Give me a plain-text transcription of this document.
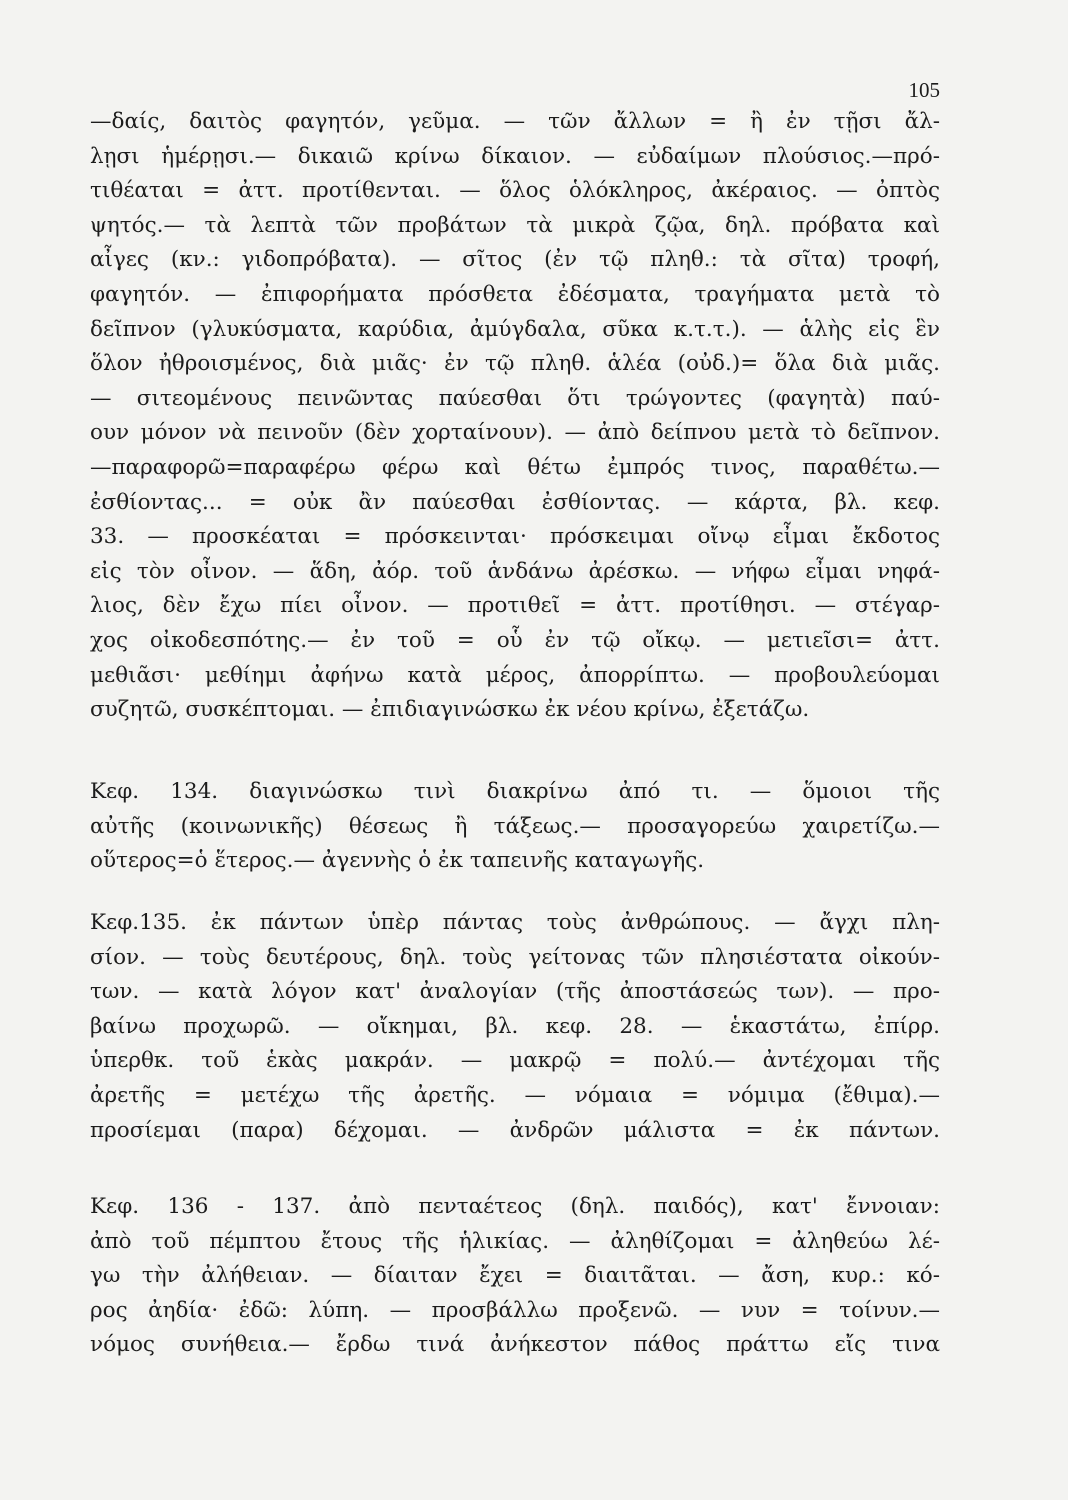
105
—δαίς, δαιτὸς φαγητόν, γεῦμα. — τῶν ἄλλων = ἢ ἐν τῇσι ἄλ-
λῃσι ἡμέρῃσι.— δικαιῶ κρίνω δίκαιον. — εὐδαίμων πλούσιος.—πρό-
τιθέαται = ἀττ. προτίθενται. — ὅλος ὁλόκληρος, ἀκέραιος. — ὀπτὸς
ψητός.— τὰ λεπτὰ τῶν προβάτων τὰ μικρὰ ζῷα, δηλ. πρόβατα καὶ
αἶγες (κν.: γιδοπρόβατα). — σῖτος (ἐν τῷ πληθ.: τὰ σῖτα) τροφή,
φαγητόν. — ἐπιφορήματα πρόσθετα ἐδέσματα, τραγήματα μετὰ τὸ
δεῖπνον (γλυκύσματα, καρύδια, ἀμύγδαλα, σῦκα κ.τ.τ.). — ἁλὴς εἰς ἓν
ὅλον ἠθροισμένος, διὰ μιᾶς· ἐν τῷ πληθ. ἁλέα (οὐδ.)= ὅλα διὰ μιᾶς.
— σιτεομένους πεινῶντας παύεσθαι ὅτι τρώγοντες (φαγητὰ) παύ-
ουν μόνον νὰ πεινοῦν (δὲν χορταίνουν). — ἀπὸ δείπνου μετὰ τὸ δεῖπνον.
—παραφορῶ=παραφέρω φέρω καὶ θέτω ἐμπρός τινος, παραθέτω.—
ἐσθίοντας... = οὐκ ἂν παύεσθαι ἐσθίοντας. — κάρτα, βλ. κεφ.
33. — προσκέαται = πρόσκεινται· πρόσκειμαι οἴνῳ εἶμαι ἔκδοτος
εἰς τὸν οἶνον. — ἅδη, ἀόρ. τοῦ ἁνδάνω ἀρέσκω. — νήφω εἶμαι νηφά-
λιος, δὲν ἔχω πίει οἶνον. — προτιθεῖ = ἀττ. προτίθησι. — στέγαρ-
χος οἰκοδεσπότης.— ἐν τοῦ = οὗ ἐν τῷ οἴκῳ. — μετιεῖσι= ἀττ.
μεθιᾶσι· μεθίημι ἀφήνω κατὰ μέρος, ἀπορρίπτω. — προβουλεύομαι
συζητῶ, συσκέπτομαι. — ἐπιδιαγινώσκω ἐκ νέου κρίνω, ἐξετάζω.
Κεφ. 134. διαγινώσκω τινὶ διακρίνω ἀπό τι. — ὅμοιοι τῆς
αὐτῆς (κοινωνικῆς) θέσεως ἢ τάξεως.— προσαγορεύω χαιρετίζω.—
οὕτερος=ὁ ἕτερος.— ἀγεννὴς ὁ ἐκ ταπεινῆς καταγωγῆς.
Κεφ.135. ἐκ πάντων ὑπὲρ πάντας τοὺς ἀνθρώπους. — ἄγχι πλη-
σίον. — τοὺς δευτέρους, δηλ. τοὺς γείτονας τῶν πλησιέστατα οἰκούν-
των. — κατὰ λόγον κατ' ἀναλογίαν (τῆς ἀποστάσεώς των). — προ-
βαίνω προχωρῶ. — οἴκημαι, βλ. κεφ. 28. — ἑκαστάτω, ἐπίρρ.
ὑπερθκ. τοῦ ἑκὰς μακράν. — μακρῷ = πολύ.— ἀντέχομαι τῆς
ἀρετῆς = μετέχω τῆς ἀρετῆς. — νόμαια = νόμιμα (ἔθιμα).—
προσίεμαι (παρα) δέχομαι. — ἀνδρῶν μάλιστα = ἐκ πάντων.
Κεφ. 136 - 137. ἀπὸ πενταέτεος (δηλ. παιδός), κατ' ἔννοιαν:
ἀπὸ τοῦ πέμπτου ἔτους τῆς ἡλικίας. — ἀληθίζομαι = ἀληθεύω λέ-
γω τὴν ἀλήθειαν. — δίαιταν ἔχει = διαιτᾶται. — ἄση, κυρ.: κό-
ρος ἀηδία· ἐδῶ: λύπη. — προσβάλλω προξενῶ. — νυν = τοίνυν.—
νόμος συνήθεια.— ἔρδω τινά ἀνήκεστον πάθος πράττω εἴς τινα
